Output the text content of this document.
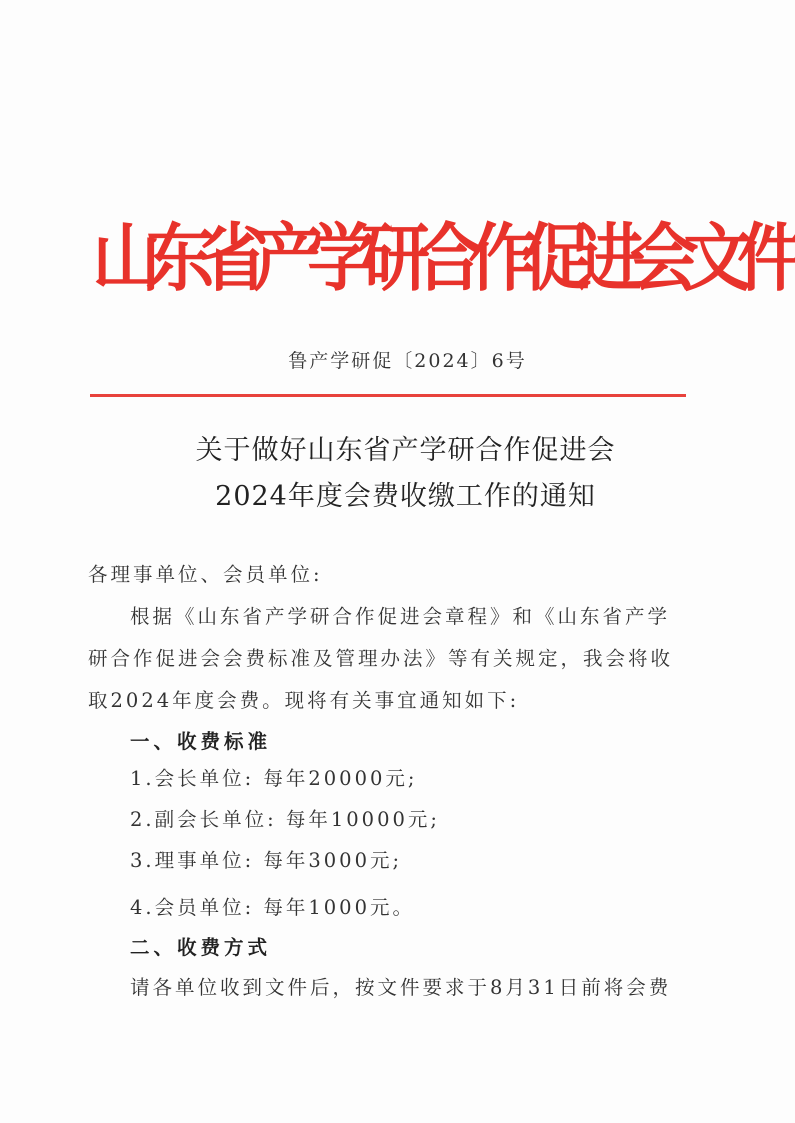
山东省产学研合作促进会文件
鲁产学研促〔2024〕6号
关于做好山东省产学研合作促进会
2024年度会费收缴工作的通知
各理事单位、会员单位:
根据《山东省产学研合作促进会章程》和《山东省产学
研合作促进会会费标准及管理办法》等有关规定，我会将收
取2024年度会费。现将有关事宜通知如下:
一、收费标准
1.会长单位: 每年20000元;
2.副会长单位: 每年10000元;
3.理事单位: 每年3000元;
4.会员单位: 每年1000元。
二、收费方式
请各单位收到文件后，按文件要求于8月31日前将会费
